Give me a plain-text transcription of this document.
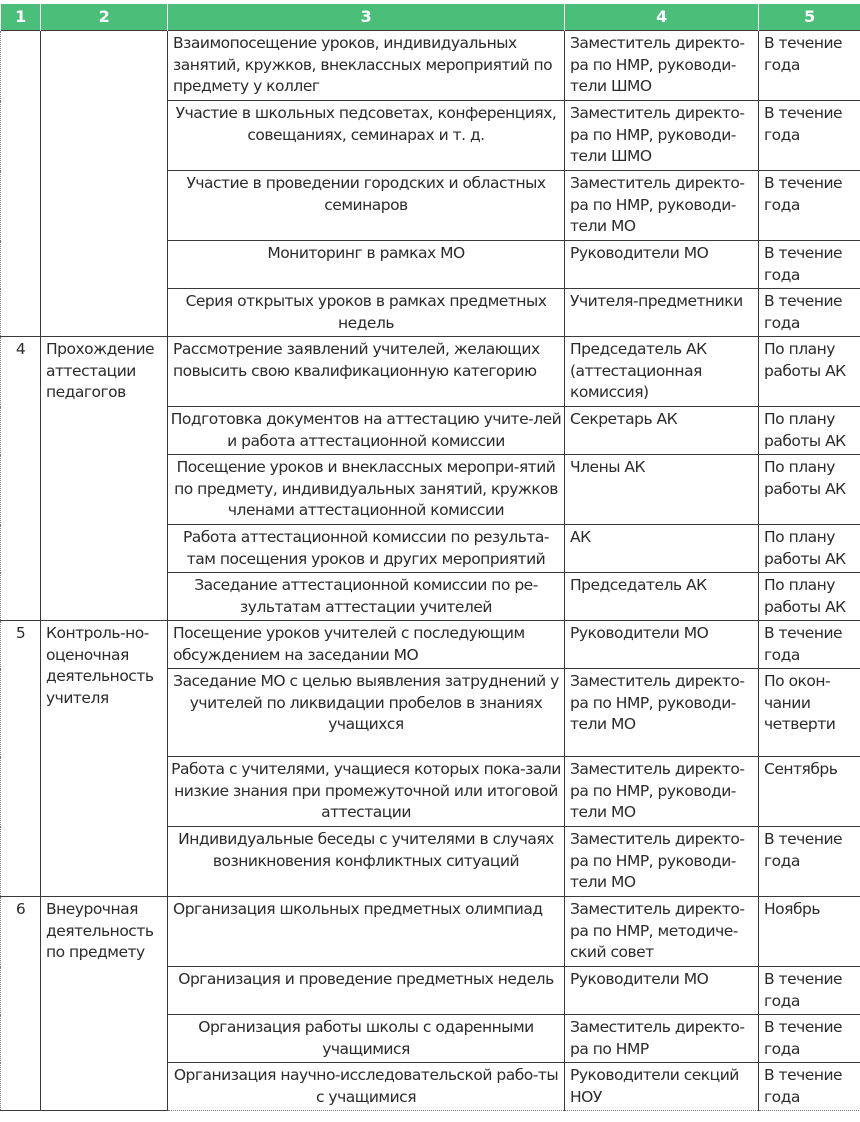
1	2	3	4	5
		Взаимопосещение уроков, индивидуальных занятий, кружков, внеклассных мероприятий по предмету у коллег	Заместитель директо-ра по НМР, руководи-тели ШМО	В течение года
		Участие в школьных педсоветах, конференциях, совещаниях, семинарах и т. д.	Заместитель директо-ра по НМР, руководи-тели ШМО	В течение года
		Участие в проведении городских и областных семинаров	Заместитель директо-ра по НМР, руководи-тели МО	В течение года
		Мониторинг в рамках МО	Руководители МО	В течение года
		Серия открытых уроков в рамках предметных недель	Учителя-предметники	В течение года
4	Прохождение аттестации педагогов	Рассмотрение заявлений учителей, желающих повысить свою квалификационную категорию	Председатель АК (аттестационная комиссия)	По плану работы АК
		Подготовка документов на аттестацию учите-лей и работа аттестационной комиссии	Секретарь АК	По плану работы АК
		Посещение уроков и внеклассных меропри-ятий по предмету, индивидуальных занятий, кружков членами аттестационной комиссии	Члены АК	По плану работы АК
		Работа аттестационной комиссии по результа-там посещения уроков и других мероприятий	АК	По плану работы АК
		Заседание аттестационной комиссии по ре-зультатам аттестации учителей	Председатель АК	По плану работы АК
5	Контроль-но-оценочная деятельность учителя	Посещение уроков учителей с последующим обсуждением на заседании МО	Руководители МО	В течение года
		Заседание МО с целью выявления затруднений у учителей по ликвидации пробелов в знаниях учащихся	Заместитель директо-ра по НМР, руководи-тели МО	По окон-чании четверти
		Работа с учителями, учащиеся которых пока-зали низкие знания при промежуточной или итоговой аттестации	Заместитель директо-ра по НМР, руководи-тели МО	Сентябрь
		Индивидуальные беседы с учителями в случаях возникновения конфликтных ситуаций	Заместитель директо-ра по НМР, руководи-тели МО	В течение года
6	Внеурочная деятельность по предмету	Организация школьных предметных олимпиад	Заместитель директо-ра по НМР, методиче-ский совет	Ноябрь
		Организация и проведение предметных недель	Руководители МО	В течение года
		Организация работы школы с одаренными учащимися	Заместитель директо-ра по НМР	В течение года
		Организация научно-исследовательской рабо-ты с учащимися	Руководители секций НОУ	В течение года
